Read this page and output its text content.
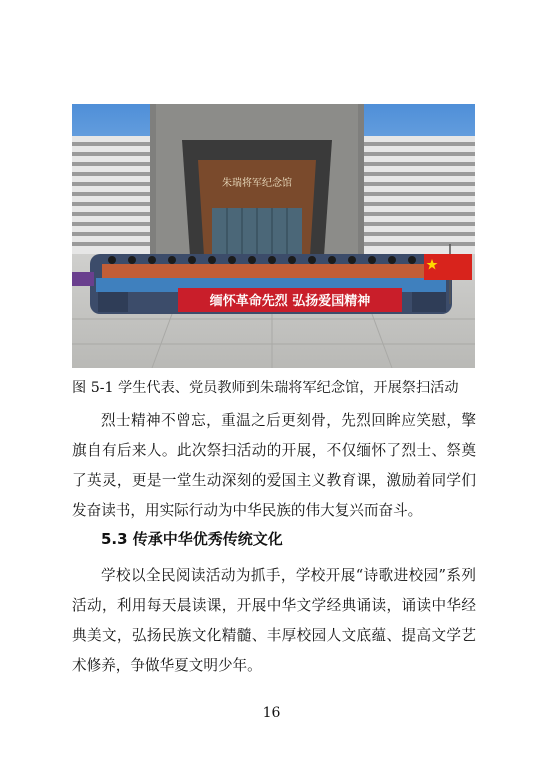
朱瑞将军纪念馆
缅怀革命先烈 弘扬爱国精神
图 5-1 学生代表、党员教师到朱瑞将军纪念馆，开展祭扫活动

烈士精神不曾忘，重温之后更刻骨，先烈回眸应笑慰，擎旗自有后来人。此次祭扫活动的开展，不仅缅怀了烈士、祭奠了英灵，更是一堂生动深刻的爱国主义教育课，激励着同学们发奋读书，用实际行动为中华民族的伟大复兴而奋斗。

5.3 传承中华优秀传统文化

学校以全民阅读活动为抓手，学校开展“诗歌进校园”系列活动，利用每天晨读课，开展中华文学经典诵读，诵读中华经典美文，弘扬民族文化精髓、丰厚校园人文底蕴、提高文学艺术修养，争做华夏文明少年。

16
